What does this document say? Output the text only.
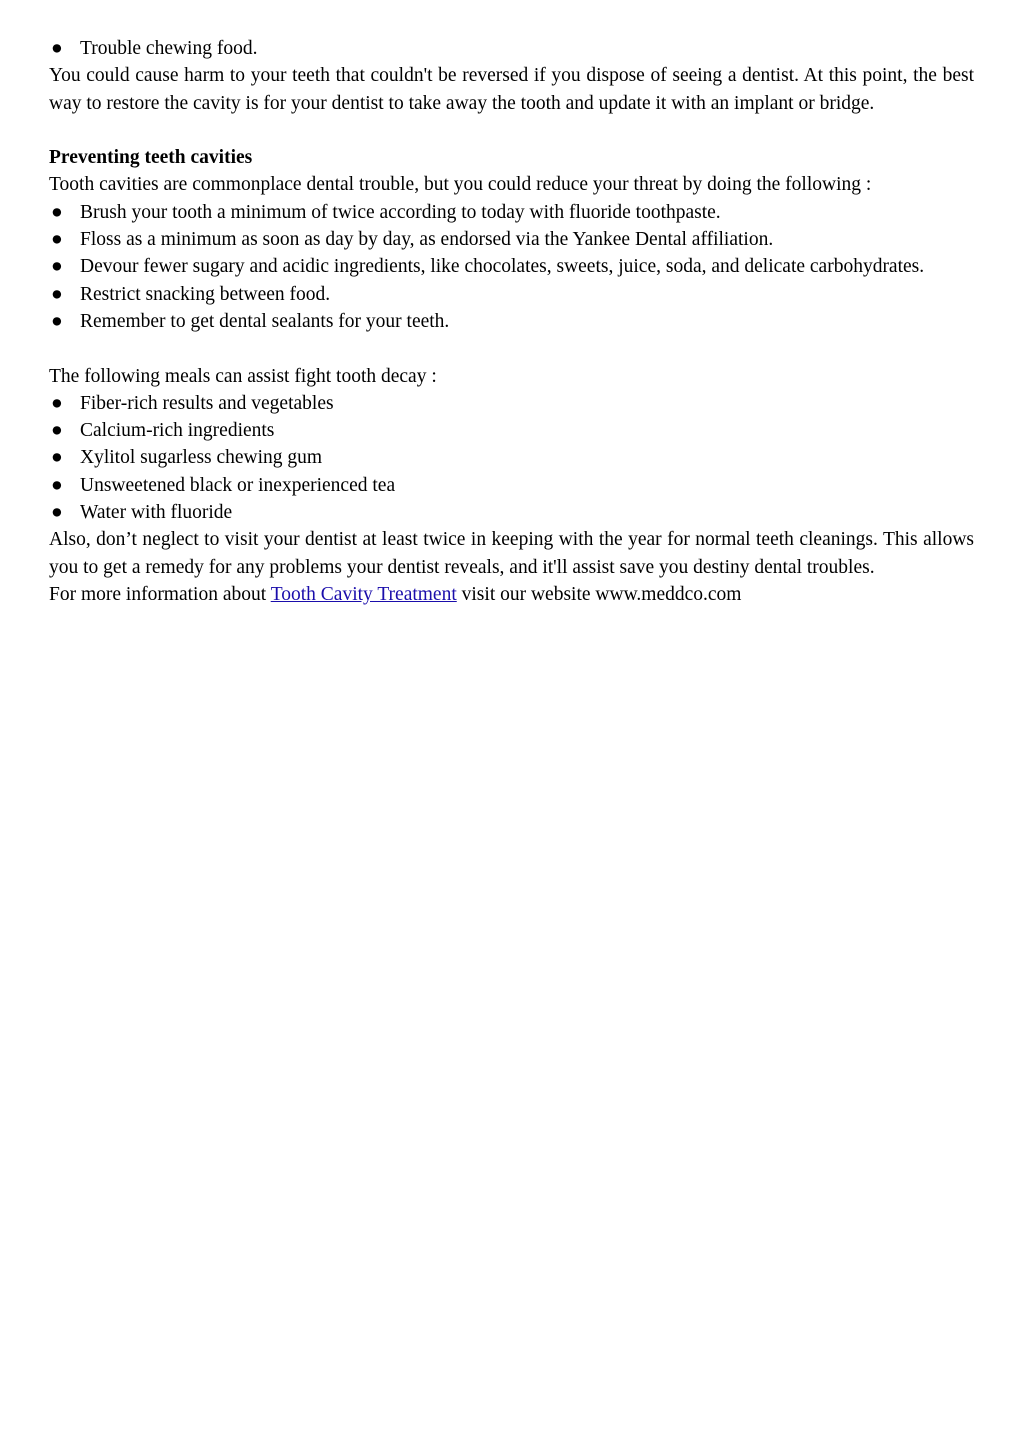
● Trouble chewing food.

You could cause harm to your teeth that couldn't be reversed if you dispose of seeing a dentist. At this point, the best way to restore the cavity is for your dentist to take away the tooth and update it with an implant or bridge.

Preventing teeth cavities

Tooth cavities are commonplace dental trouble, but you could reduce your threat by doing the following :

● Brush your tooth a minimum of twice according to today with fluoride toothpaste.
● Floss as a minimum as soon as day by day, as endorsed via the Yankee Dental affiliation.
● Devour fewer sugary and acidic ingredients, like chocolates, sweets, juice, soda, and delicate carbohydrates.
● Restrict snacking between food.
● Remember to get dental sealants for your teeth.

The following meals can assist fight tooth decay :

● Fiber-rich results and vegetables
● Calcium-rich ingredients
● Xylitol sugarless chewing gum
● Unsweetened black or inexperienced tea
● Water with fluoride

Also, don’t neglect to visit your dentist at least twice in keeping with the year for normal teeth cleanings. This allows you to get a remedy for any problems your dentist reveals, and it'll assist save you destiny dental troubles.

For more information about Tooth Cavity Treatment visit our website www.meddco.com
